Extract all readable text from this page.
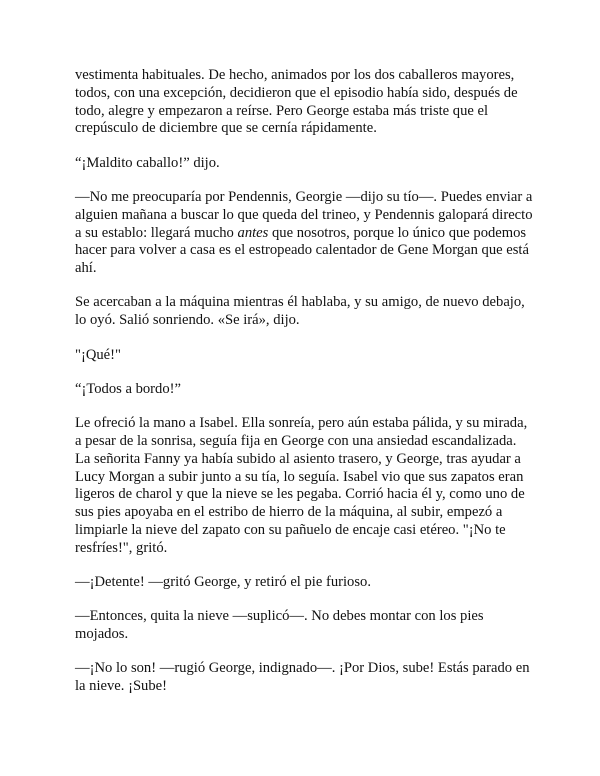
vestimenta habituales. De hecho, animados por los dos caballeros mayores, todos, con una excepción, decidieron que el episodio había sido, después de todo, alegre y empezaron a reírse. Pero George estaba más triste que el crepúsculo de diciembre que se cernía rápidamente.

“¡Maldito caballo!” dijo.

—No me preocuparía por Pendennis, Georgie —dijo su tío—. Puedes enviar a alguien mañana a buscar lo que queda del trineo, y Pendennis galopará directo a su establo: llegará mucho antes que nosotros, porque lo único que podemos hacer para volver a casa es el estropeado calentador de Gene Morgan que está ahí.

Se acercaban a la máquina mientras él hablaba, y su amigo, de nuevo debajo, lo oyó. Salió sonriendo. «Se irá», dijo.

"¡Qué!"

“¡Todos a bordo!”

Le ofreció la mano a Isabel. Ella sonreía, pero aún estaba pálida, y su mirada, a pesar de la sonrisa, seguía fija en George con una ansiedad escandalizada. La señorita Fanny ya había subido al asiento trasero, y George, tras ayudar a Lucy Morgan a subir junto a su tía, lo seguía. Isabel vio que sus zapatos eran ligeros de charol y que la nieve se les pegaba. Corrió hacia él y, como uno de sus pies apoyaba en el estribo de hierro de la máquina, al subir, empezó a limpiarle la nieve del zapato con su pañuelo de encaje casi etéreo. "¡No te resfríes!", gritó.

—¡Detente! —gritó George, y retiró el pie furioso.

—Entonces, quita la nieve —suplicó—. No debes montar con los pies mojados.

—¡No lo son! —rugió George, indignado—. ¡Por Dios, sube! Estás parado en la nieve. ¡Sube!
